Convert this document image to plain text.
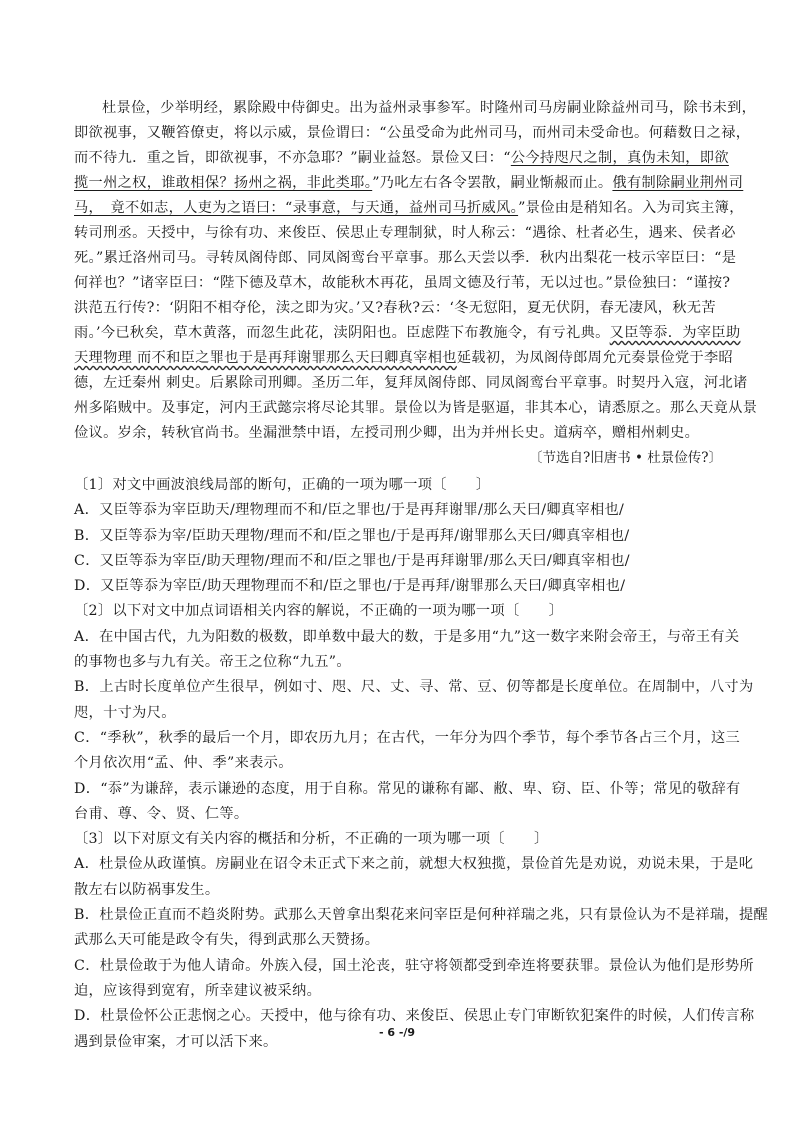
杜景俭，少举明经，累除殿中侍御史。出为益州录事参军。时隆州司马房嗣业除益州司马，除书未到，
即欲视事，又鞭笞僚吏，将以示威，景俭谓曰：“公虽受命为此州司马，而州司未受命也。何藉数日之禄，
而不待九．重之旨，即欲视事，不亦急耶？”嗣业益怒。景俭又曰：“公今持咫尺之制，真伪未知，即欲
揽一州之权，谁敢相保？扬州之祸，非此类耶。”乃叱左右各令罢散，嗣业惭赧而止。俄有制除嗣业荆州司
马，　竟不如志，人吏为之语曰：“录事意，与天通，益州司马折威风。”景俭由是稍知名。入为司宾主簿，
转司刑丞。天授中，与徐有功、来俊臣、侯思止专理制狱，时人称云：“遇徐、杜者必生，遇来、侯者必
死。”累迁洛州司马。寻转凤阁侍郎、同凤阁鸾台平章事。那么天尝以季．秋内出梨花一枝示宰臣曰：“是
何祥也？”诸宰臣曰：“陛下德及草木，故能秋木再花，虽周文德及行苇，无以过也。”景俭独曰：“谨按?
洪范五行传?：‘阴阳不相夺伦，渎之即为灾。’又?春秋?云：‘冬无愆阳，夏无伏阴，春无凄风，秋无苦
雨。’今已秋矣，草木黄落，而忽生此花，渎阴阳也。臣虑陛下布教施令，有亏礼典。又臣等忝．为宰臣助
天理物理 而不和臣之罪也于是再拜谢罪那么天曰卿真宰相也延载初，为凤阁侍郎周允元奏景俭党于李昭
德，左迁秦州 刺史。后累除司刑卿。圣历二年，复拜凤阁侍郎、同凤阁鸾台平章事。时契丹入寇，河北诸
州多陷贼中。及事定，河内王武懿宗将尽论其罪。景俭以为皆是驱逼，非其本心，请悉原之。那么天竟从景
俭议。岁余，转秋官尚书。坐漏泄禁中语，左授司刑少卿，出为并州长史。道病卒，赠相州刺史。

〔节选自?旧唐书 • 杜景俭传?〕

〔1〕对文中画波浪线局部的断句，正确的一项为哪一项〔　　〕

A．又臣等忝为宰臣助天/理物理而不和/臣之罪也/于是再拜谢罪/那么天曰/卿真宰相也/

B．又臣等忝为宰/臣助天理物/理而不和/臣之罪也/于是再拜/谢罪那么天曰/卿真宰相也/

C．又臣等忝为宰臣/助天理物/理而不和/臣之罪也/于是再拜谢罪/那么天曰/卿真宰相也/

D．又臣等忝为宰臣/助天理物理而不和/臣之罪也/于是再拜/谢罪那么天曰/卿真宰相也/

〔2〕以下对文中加点词语相关内容的解说，不正确的一项为哪一项〔　　〕

A．在中国古代，九为阳数的极数，即单数中最大的数，于是多用“九”这一数字来附会帝王，与帝王有关
的事物也多与九有关。帝王之位称“九五”。
B．上古时长度单位产生很早，例如寸、咫、尺、丈、寻、常、豆、仞等都是长度单位。在周制中，八寸为
咫，十寸为尺。
C．“季秋”，秋季的最后一个月，即农历九月；在古代，一年分为四个季节，每个季节各占三个月，这三
个月依次用“孟、仲、季”来表示。
D．“忝”为谦辞，表示谦逊的态度，用于自称。常见的谦称有鄙、敝、卑、窃、臣、仆等；常见的敬辞有
台甫、尊、令、贤、仁等。

〔3〕以下对原文有关内容的概括和分析，不正确的一项为哪一项〔　　〕

A．杜景俭从政谨慎。房嗣业在诏令未正式下来之前，就想大权独揽，景俭首先是劝说，劝说未果，于是叱
散左右以防祸事发生。
B．杜景俭正直而不趋炎附势。武那么天曾拿出梨花来问宰臣是何种祥瑞之兆，只有景俭认为不是祥瑞，提醒
武那么天可能是政令有失，得到武那么天赞扬。
C．杜景俭敢于为他人请命。外族入侵，国土沦丧，驻守将领都受到牵连将要获罪。景俭认为他们是形势所
迫，应该得到宽宥，所幸建议被采纳。
D．杜景俭怀公正悲悯之心。天授中，他与徐有功、来俊臣、侯思止专门审断钦犯案件的时候，人们传言称
遇到景俭审案，才可以活下来。
- 6 -/9
